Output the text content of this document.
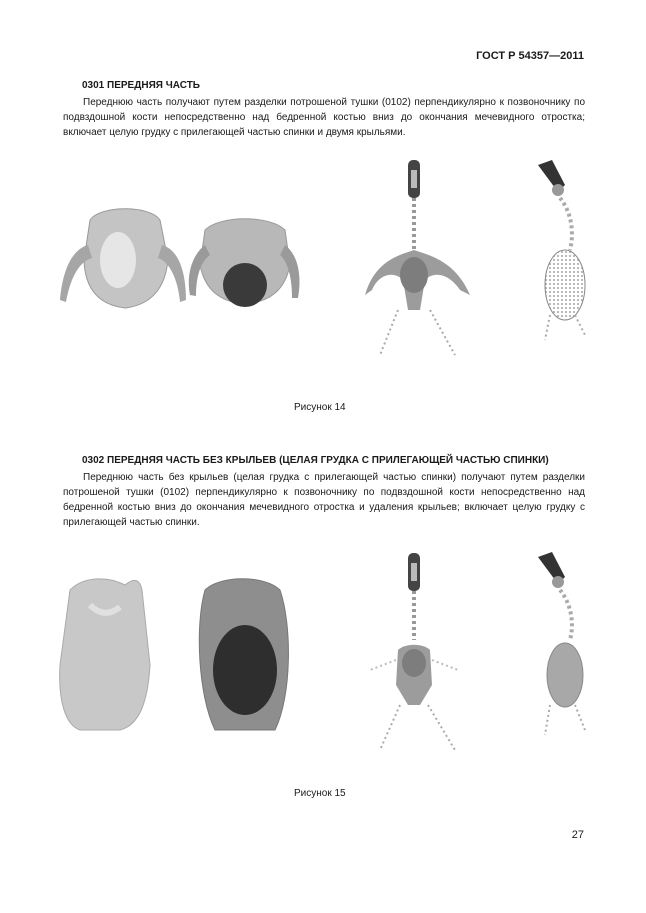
ГОСТ Р 54357—2011
0301 ПЕРЕДНЯЯ ЧАСТЬ

Переднюю часть получают путем разделки потрошеной тушки (0102) перпендикулярно к позвоночнику по подвздошной кости непосредственно над бедренной костью вниз до окончания мечевидного отростка; включает целую грудку с прилегающей частью спинки и двумя крыльями.

Рисунок 14
0302 ПЕРЕДНЯЯ ЧАСТЬ БЕЗ КРЫЛЬЕВ (ЦЕЛАЯ ГРУДКА С ПРИЛЕГАЮЩЕЙ ЧАСТЬЮ СПИНКИ)

Переднюю часть без крыльев (целая грудка с прилегающей частью спинки) получают путем разделки потрошеной тушки (0102) перпендикулярно к позвоночнику по подвздошной кости непосредственно над бедренной костью вниз до окончания мечевидного отростка и удаления крыльев; включает целую грудку с прилегающей частью спинки.

Рисунок 15
27
